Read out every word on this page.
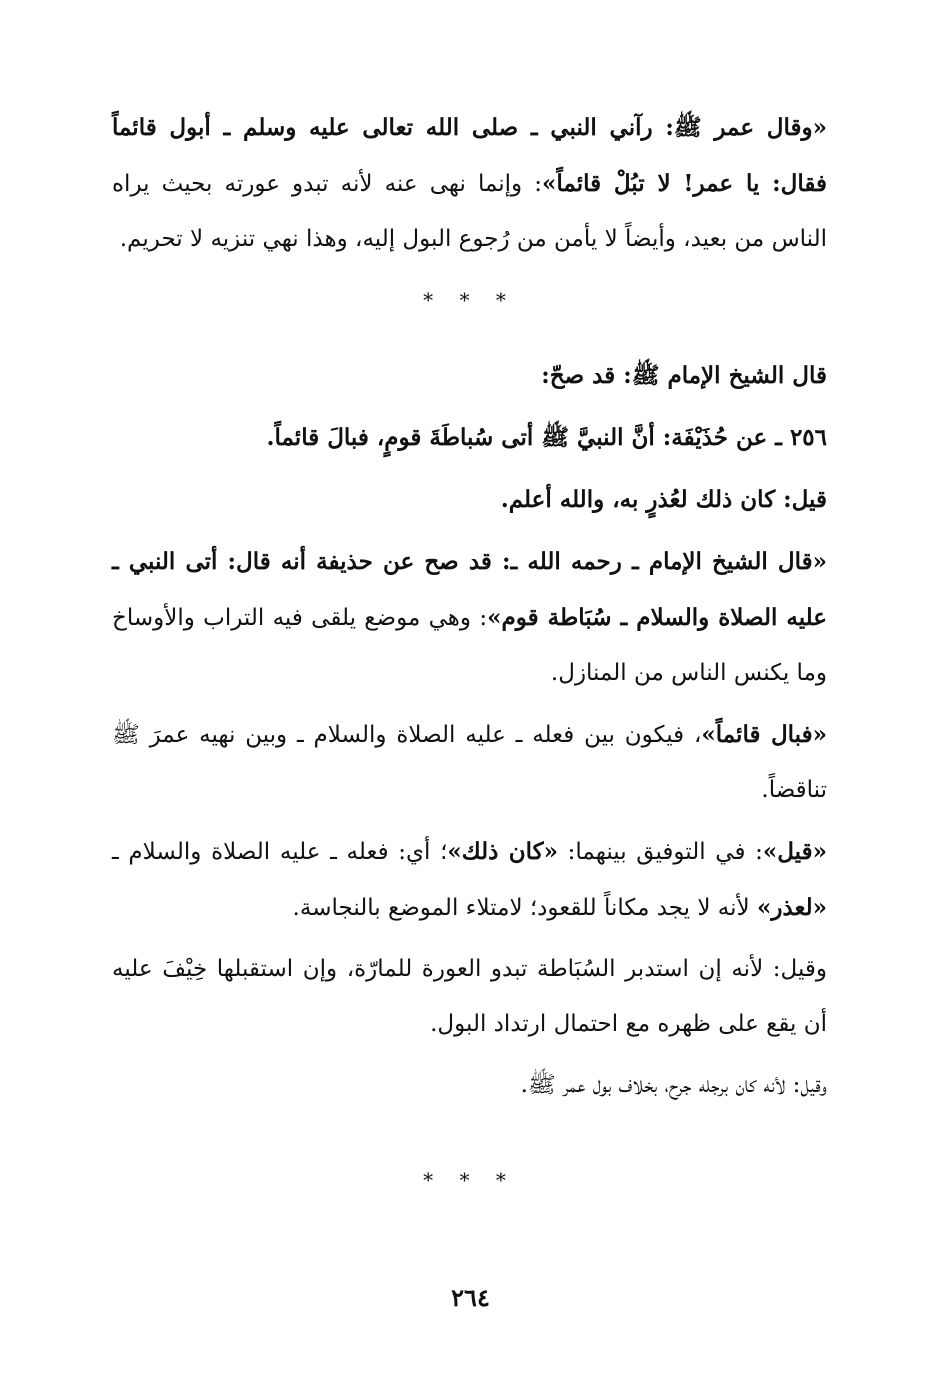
«وقال عمر ﷺ: رآني النبي ـ صلى الله تعالى عليه وسلم ـ أبول قائماً فقال: يا عمر! لا تبُلْ قائماً»: وإنما نهى عنه لأنه تبدو عورته بحيث يراه الناس من بعيد، وأيضاً لا يأمن من رُجوع البول إليه، وهذا نهي تنزيه لا تحريم.

* * *

قال الشيخ الإمام ﷺ: قد صحّ:

٢٥٦ ـ عن حُذَيْفَة: أنَّ النبيَّ ﷺ أتى سُباطَةَ قومٍ، فبالَ قائماً.

قيل: كان ذلك لعُذرٍ به، والله أعلم.

«قال الشيخ الإمام ـ رحمه الله ـ: قد صح عن حذيفة أنه قال: أتى النبي ـ عليه الصلاة والسلام ـ سُبَاطة قوم»: وهي موضع يلقى فيه التراب والأوساخ وما يكنس الناس من المنازل.

«فبال قائماً»، فيكون بين فعله ـ عليه الصلاة والسلام ـ وبين نهيه عمرَ ﷺ تناقضاً.

«قيل»: في التوفيق بينهما: «كان ذلك»؛ أي: فعله ـ عليه الصلاة والسلام ـ «لعذر» لأنه لا يجد مكاناً للقعود؛ لامتلاء الموضع بالنجاسة.

وقيل: لأنه إن استدبر السُبَاطة تبدو العورة للمارّة، وإن استقبلها خِيْفَ عليه أن يقع على ظهره مع احتمال ارتداد البول.

وقيل: لأنه كان برجله جرح، بخلاف بول عمر ﷺ.

* * *

٢٦٤
